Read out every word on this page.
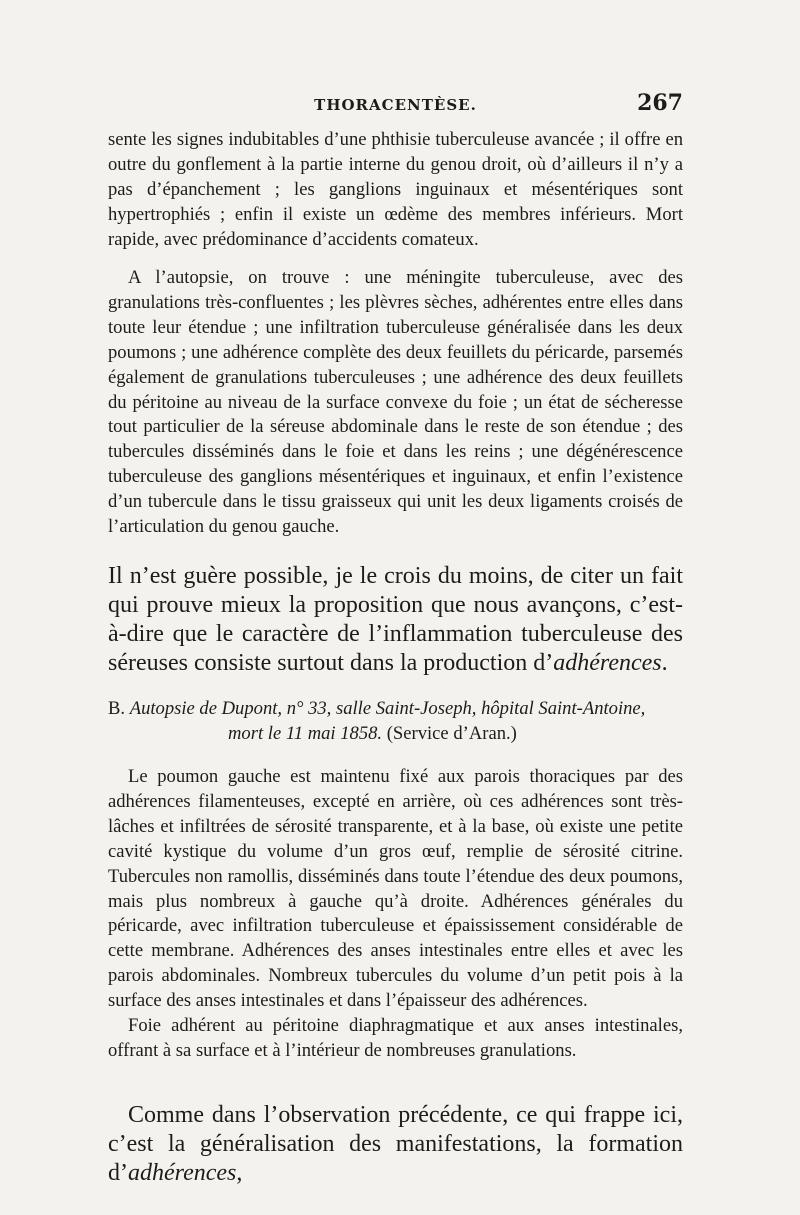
THORACENTÈSE.	267

sente les signes indubitables d’une phthisie tuberculeuse avancée ; il offre en outre du gonflement à la partie interne du genou droit, où d’ailleurs il n’y a pas d’épanchement ; les ganglions inguinaux et mésentériques sont hypertrophiés ; enfin il existe un œdème des membres inférieurs. Mort rapide, avec prédominance d’accidents comateux.

A l’autopsie, on trouve : une méningite tuberculeuse, avec des granulations très-confluentes ; les plèvres sèches, adhérentes entre elles dans toute leur étendue ; une infiltration tuberculeuse généralisée dans les deux poumons ; une adhérence complète des deux feuillets du péricarde, parsemés également de granulations tuberculeuses ; une adhérence des deux feuillets du péritoine au niveau de la surface convexe du foie ; un état de sécheresse tout particulier de la séreuse abdominale dans le reste de son étendue ; des tubercules disséminés dans le foie et dans les reins ; une dégénérescence tuberculeuse des ganglions mésentériques et inguinaux, et enfin l’existence d’un tubercule dans le tissu graisseux qui unit les deux ligaments croisés de l’articulation du genou gauche.

Il n’est guère possible, je le crois du moins, de citer un fait qui prouve mieux la proposition que nous avançons, c’est-à-dire que le caractère de l’inflammation tuberculeuse des séreuses consiste surtout dans la production d’adhérences.

B. Autopsie de Dupont, n° 33, salle Saint-Joseph, hôpital Saint-Antoine,
mort le 11 mai 1858. (Service d’Aran.)

Le poumon gauche est maintenu fixé aux parois thoraciques par des adhérences filamenteuses, excepté en arrière, où ces adhérences sont très-lâches et infiltrées de sérosité transparente, et à la base, où existe une petite cavité kystique du volume d’un gros œuf, remplie de sérosité citrine. Tubercules non ramollis, disséminés dans toute l’étendue des deux poumons, mais plus nombreux à gauche qu’à droite. Adhérences générales du péricarde, avec infiltration tuberculeuse et épaississement considérable de cette membrane. Adhérences des anses intestinales entre elles et avec les parois abdominales. Nombreux tubercules du volume d’un petit pois à la surface des anses intestinales et dans l’épaisseur des adhérences.

Foie adhérent au péritoine diaphragmatique et aux anses intestinales, offrant à sa surface et à l’intérieur de nombreuses granulations.

Comme dans l’observation précédente, ce qui frappe ici, c’est la généralisation des manifestations, la formation d’adhérences,
